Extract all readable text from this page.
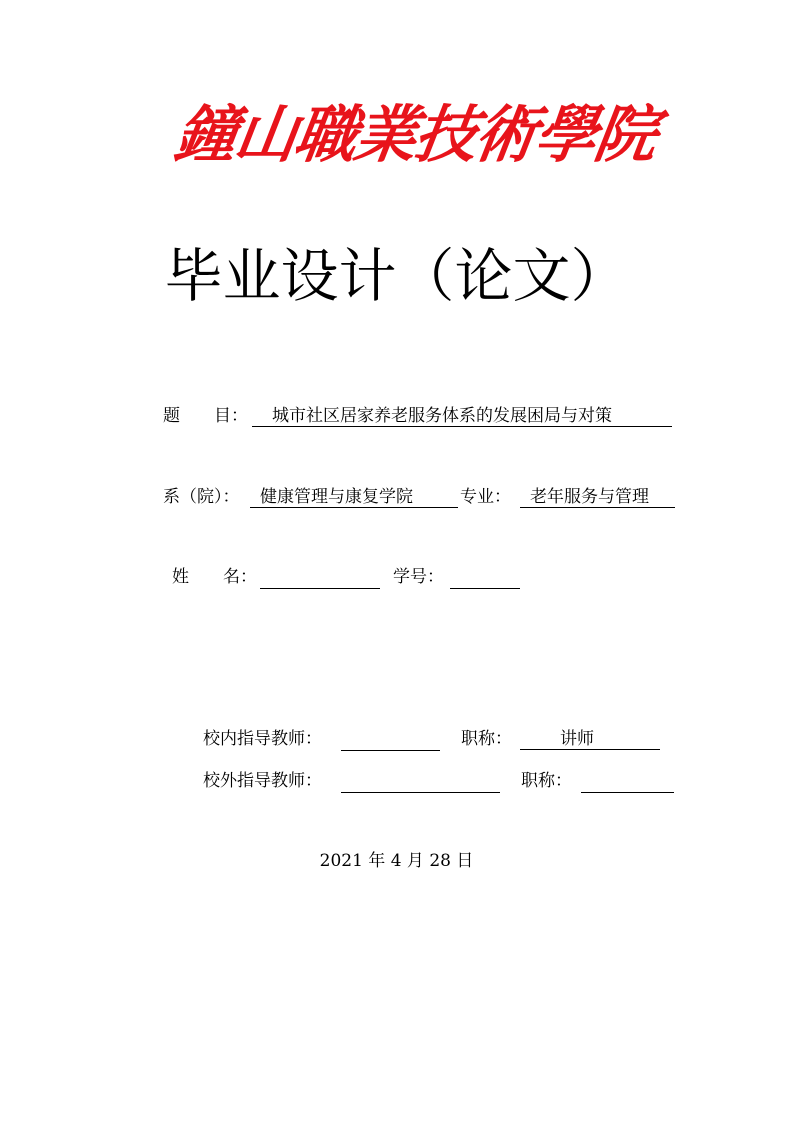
鐘山職業技術學院
毕业设计（论文）
题　　目：	城市社区居家养老服务体系的发展困局与对策
系（院）：	健康管理与康复学院	专业：	老年服务与管理
姓　　名：	学号：
校内指导教师：	职称：	讲师
校外指导教师：	职称：
2021 年 4 月 28 日
